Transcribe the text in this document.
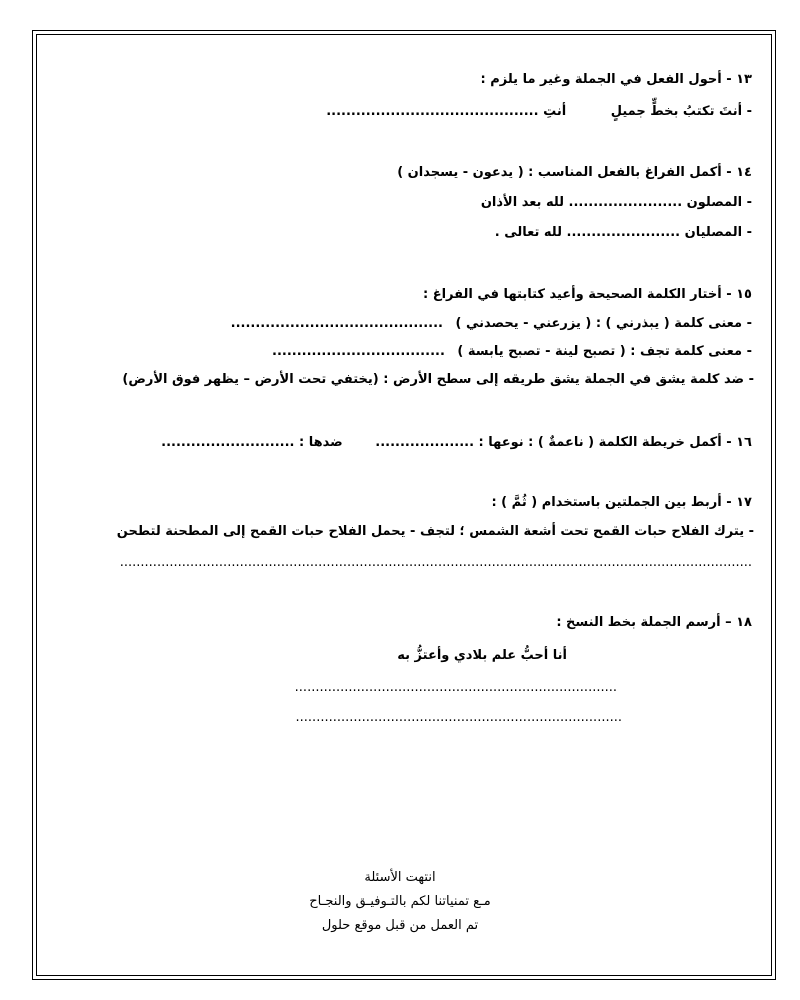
١٣ - أحول الفعل في الجملة وغير ما يلزم :
- أنتَ تكتبُ بخطٍّ جميلٍ أنتِ ...........................................
١٤ - أكمل الفراغ بالفعل المناسب : ( يدعون - يسجدان )
- المصلون ....................... لله بعد الأذان
- المصليان ....................... لله تعالى .
١٥ - أختار الكلمة الصحيحة وأعيد كتابتها في الفراغ :
- معنى كلمة ( يبذرني ) : ( يزرعني - يحصدني ) ...........................................
- معنى كلمة تجف : ( تصبح لينة - تصبح يابسة ) ...................................
- ضد كلمة يشق في الجملة يشق طريقه إلى سطح الأرض : (يختفي تحت الأرض – يظهر فوق الأرض)
١٦ - أكمل خريطة الكلمة ( ناعمةٌ ) : نوعها : .................... ضدها : ...........................
١٧ - أربط بين الجملتين باستخدام ( ثُمَّ ) :
- يترك الفلاح حبات القمح تحت أشعة الشمس ؛ لتجف - يحمل الفلاح حبات القمح إلى المطحنة لتطحن
.........................................................................................................................................................
١٨ – أرسم الجملة بخط النسخ :
أنا أحبُّ علم بلادي وأعتزُّ به
..............................................................................
...............................................................................
انتهت الأسئلة
مـع تمنياتنا لكم بالتـوفيـق والنجـاح
تم العمل من قبل موقع حلول
